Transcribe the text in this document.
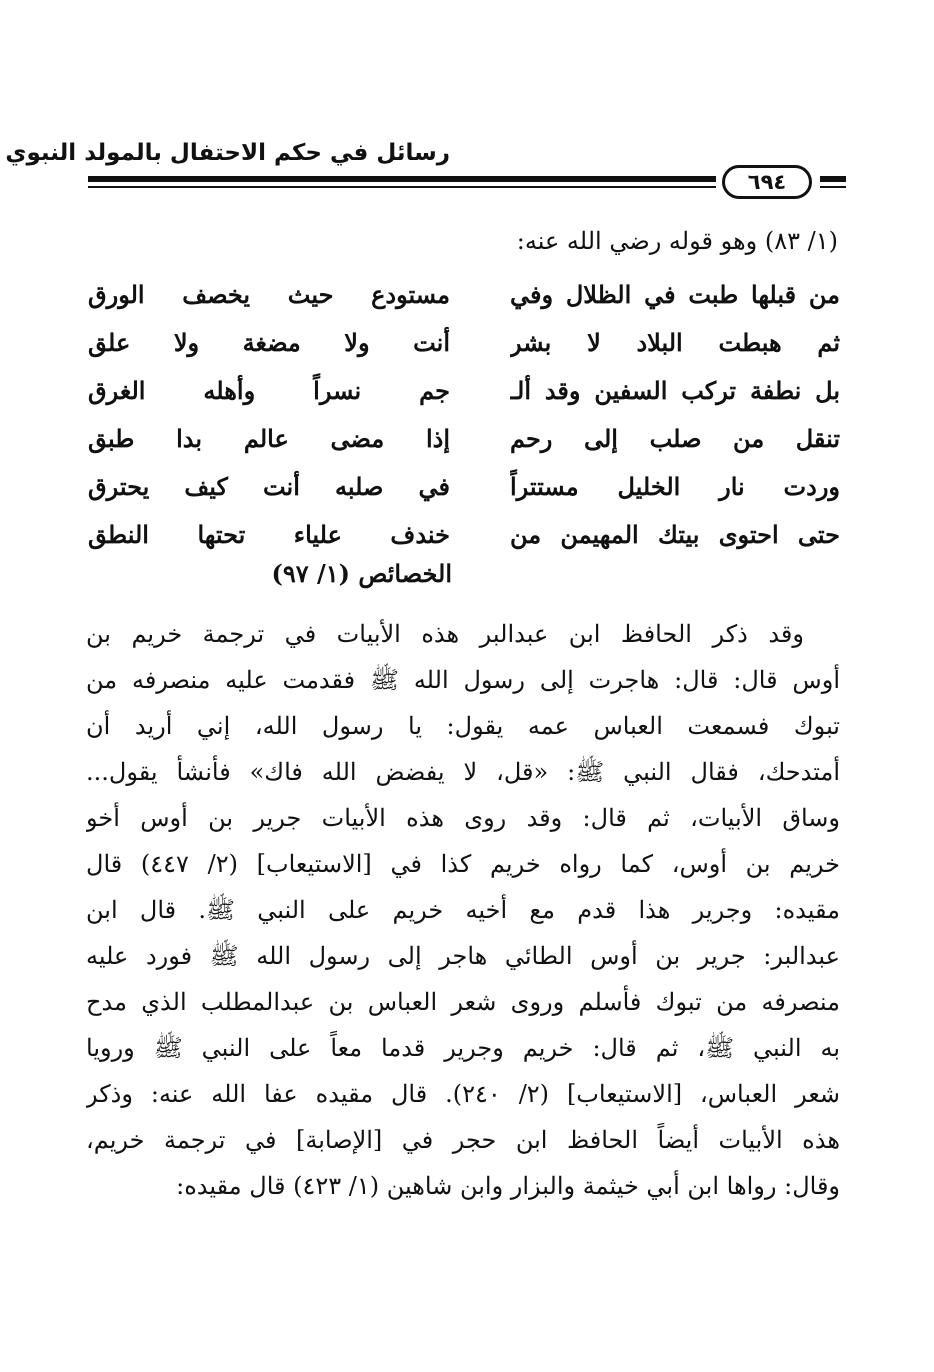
رسائل في حكم الاحتفال بالمولد النبوي
٦٩٤
(١/ ٨٣) وهو قوله رضي الله عنه:
من قبلها طبت في الظلال وفي
مستودع حيث يخصف الورق
ثم هبطت البلاد لا بشر
أنت ولا مضغة ولا علق
بل نطفة تركب السفين وقد ألـ
جم نسراً وأهله الغرق
تنقل من صلب إلى رحم
إذا مضى عالم بدا طبق
وردت نار الخليل مستتراً
في صلبه أنت كيف يحترق
حتى احتوى بيتك المهيمن من
خندف علياء تحتها النطق
الخصائص (١/ ٩٧)
وقد ذكر الحافظ ابن عبدالبر هذه الأبيات في ترجمة خريم بن
أوس قال: قال: هاجرت إلى رسول الله ﷺ فقدمت عليه منصرفه من
تبوك فسمعت العباس عمه يقول: يا رسول الله، إني أريد أن
أمتدحك، فقال النبي ﷺ: «قل، لا يفضض الله فاك» فأنشأ يقول...
وساق الأبيات، ثم قال: وقد روى هذه الأبيات جرير بن أوس أخو
خريم بن أوس، كما رواه خريم كذا في [الاستيعاب] (٢/ ٤٤٧) قال
مقيده: وجرير هذا قدم مع أخيه خريم على النبي ﷺ. قال ابن
عبدالبر: جرير بن أوس الطائي هاجر إلى رسول الله ﷺ فورد عليه
منصرفه من تبوك فأسلم وروى شعر العباس بن عبدالمطلب الذي مدح
به النبي ﷺ، ثم قال: خريم وجرير قدما معاً على النبي ﷺ ورويا
شعر العباس، [الاستيعاب] (٢/ ٢٤٠). قال مقيده عفا الله عنه: وذكر
هذه الأبيات أيضاً الحافظ ابن حجر في [الإصابة] في ترجمة خريم،
وقال: رواها ابن أبي خيثمة والبزار وابن شاهين (١/ ٤٢٣) قال مقيده:
